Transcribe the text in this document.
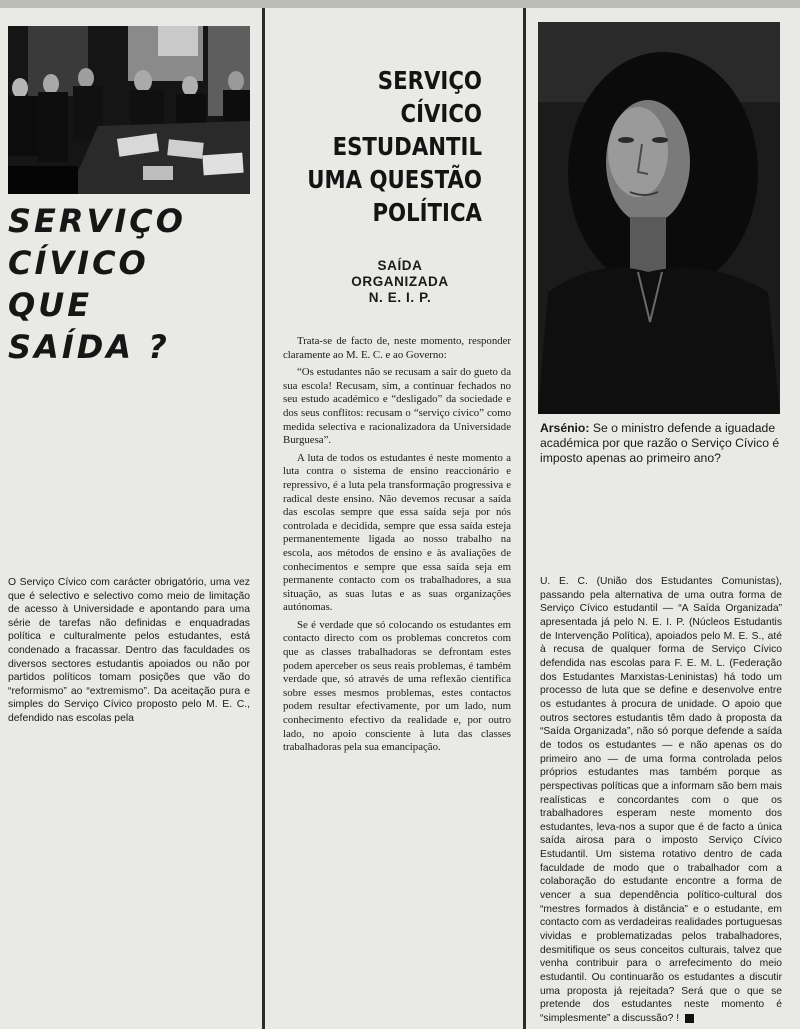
SERVIÇO
CÍVICO
QUE
SAÍDA ?
O Serviço Cívico com carácter obrigatório, uma vez que é selectivo e selectivo como meio de limitação de acesso à Universidade e apontando para uma série de tarefas não definidas e enquadradas política e culturalmente pelos estudantes, está condenado a fracassar. Dentro das faculdades os diversos sectores estudantis apoiados ou não por partidos políticos tomam posições que vão do “reformismo” ao “extremismo”. Da aceitação pura e simples do Serviço Cívico proposto pelo M. E. C., defendido nas escolas pela
SERVIÇO
CÍVICO
ESTUDANTIL
UMA QUESTÃO
POLÍTICA
SAÍDA
ORGANIZADA
N. E. I. P.

Trata-se de facto de, neste momento, responder claramente ao M. E. C. e ao Governo:

“Os estudantes não se recusam a sair do gueto da sua escola! Recusam, sim, a continuar fechados no seu estudo académico e “desligado” da sociedade e dos seus conflitos: recusam o “serviço cívico” como medida selectiva e racionalizadora da Universidade Burguesa”.

A luta de todos os estudantes é neste momento a luta contra o sistema de ensino reaccionário e repressivo, é a luta pela transformação progressiva e radical deste ensino. Não devemos recusar a saída das escolas sempre que essa saída seja por nós controlada e decidida, sempre que essa saída esteja permanentemente ligada ao nosso trabalho na escola, aos métodos de ensino e às avaliações de conhecimentos e sempre que essa saída seja em permanente contacto com os trabalhadores, a sua situação, as suas lutas e as suas organizações autónomas.

Se é verdade que só colocando os estudantes em contacto directo com os problemas concretos com que as classes trabalhadoras se defrontam estes podem aperceber os seus reais problemas, é também verdade que, só através de uma reflexão científica sobre esses mesmos problemas, estes contactos podem resultar efectivamente, por um lado, num conhecimento efectivo da realidade e, por outro lado, no apoio consciente à luta das classes trabalhadoras pela sua emancipação.

Arsénio: Se o ministro defende a iguadade académica por que razão o Serviço Cívico é imposto apenas ao primeiro ano?
U. E. C. (União dos Estudantes Comunistas), passando pela alternativa de uma outra forma de Serviço Cívico estudantil — “A Saída Organizada” apresentada já pelo N. E. I. P. (Núcleos Estudantis de Intervenção Política), apoiados pelo M. E. S., até à recusa de qualquer forma de Serviço Cívico defendida nas escolas para F. E. M. L. (Federação dos Estudantes Marxistas-Leninistas) há todo um processo de luta que se define e desenvolve entre os estudantes à procura de unidade. O apoio que outros sectores estudantis têm dado à proposta da “Saída Organizada”, não só porque defende a saída de todos os estudantes — e não apenas os do primeiro ano — de uma forma controlada pelos próprios estudantes mas também porque as perspectivas políticas que a informam são bem mais realísticas e concordantes com o que os trabalhadores esperam neste momento dos estudantes, leva-nos a supor que é de facto a única saída airosa para o imposto Serviço Cívico Estudantil. Um sistema rotativo dentro de cada faculdade de modo que o trabalhador com a colaboração do estudante encontre a forma de vencer a sua dependência político-cultural dos “mestres formados à distância” e o estudante, em contacto com as verdadeiras realidades portuguesas vividas e problematizadas pelos trabalhadores, desmitifique os seus conceitos culturais, talvez que venha contribuir para o arrefecimento do meio estudantil. Ou continuarão os estudantes a discutir uma proposta já rejeitada? Será que o que se pretende dos estudantes neste momento é “simplesmente” a discussão? !
